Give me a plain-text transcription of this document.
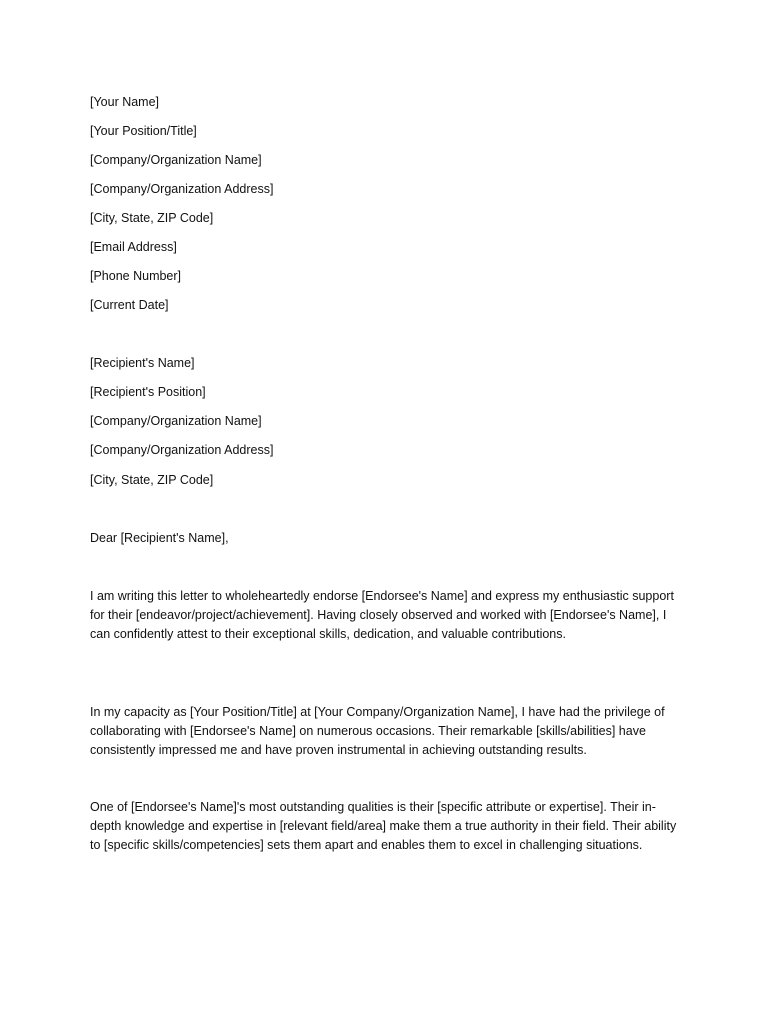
[Your Name]
[Your Position/Title]
[Company/Organization Name]
[Company/Organization Address]
[City, State, ZIP Code]
[Email Address]
[Phone Number]
[Current Date]
[Recipient's Name]
[Recipient's Position]
[Company/Organization Name]
[Company/Organization Address]
[City, State, ZIP Code]
Dear [Recipient's Name],

I am writing this letter to wholeheartedly endorse [Endorsee's Name] and express my enthusiastic support for their [endeavor/project/achievement]. Having closely observed and worked with [Endorsee's Name], I can confidently attest to their exceptional skills, dedication, and valuable contributions.

In my capacity as [Your Position/Title] at [Your Company/Organization Name], I have had the privilege of collaborating with [Endorsee's Name] on numerous occasions. Their remarkable [skills/abilities] have consistently impressed me and have proven instrumental in achieving outstanding results.

One of [Endorsee's Name]'s most outstanding qualities is their [specific attribute or expertise]. Their in-depth knowledge and expertise in [relevant field/area] make them a true authority in their field. Their ability to [specific skills/competencies] sets them apart and enables them to excel in challenging situations.
